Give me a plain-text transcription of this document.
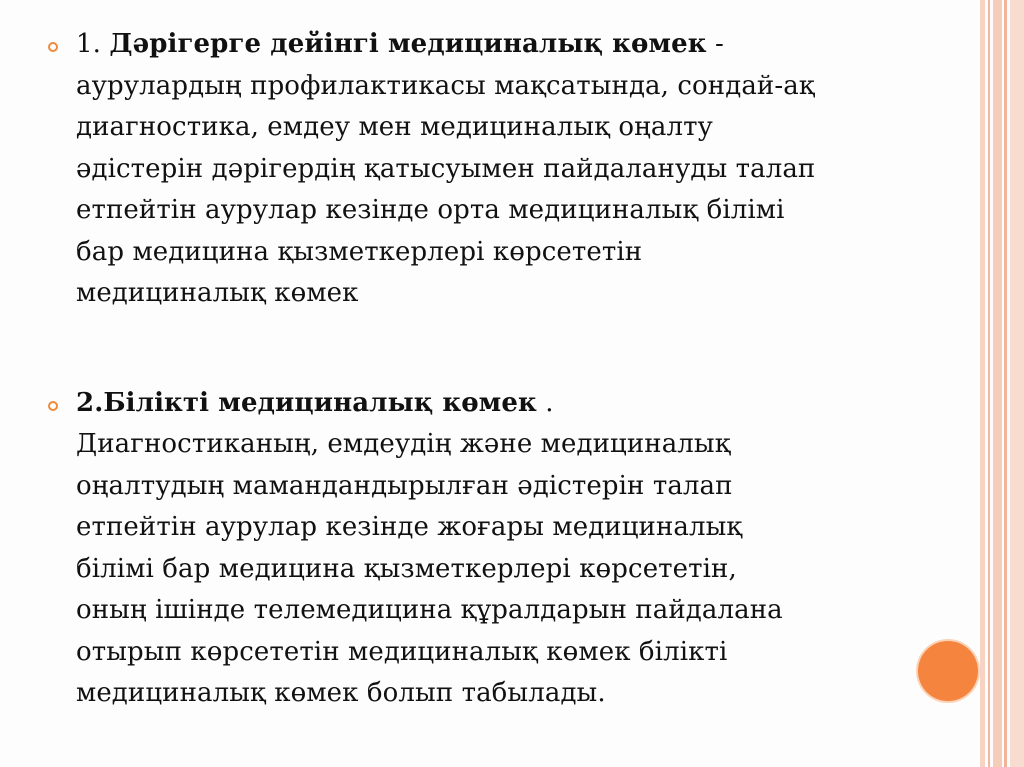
1. Дәрігерге дейінгі медициналық көмек -
аурулардың профилактикасы мақсатында, сондай-ақ
диагностика, емдеу мен медициналық оңалту
әдістерін дәрігердің қатысуымен пайдалануды талап
етпейтін аурулар кезінде орта медициналық білімі
бар медицина қызметкерлері көрсететін
медициналық көмек
2.Білікті медициналық көмек .
Диагностиканың, емдеудің және медициналық
оңалтудың мамандандырылған әдістерін талап
етпейтін аурулар кезінде жоғары медициналық
білімі бар медицина қызметкерлері көрсететін,
оның ішінде телемедицина құралдарын пайдалана
отырып көрсететін медициналық көмек білікті
медициналық көмек болып табылады.
